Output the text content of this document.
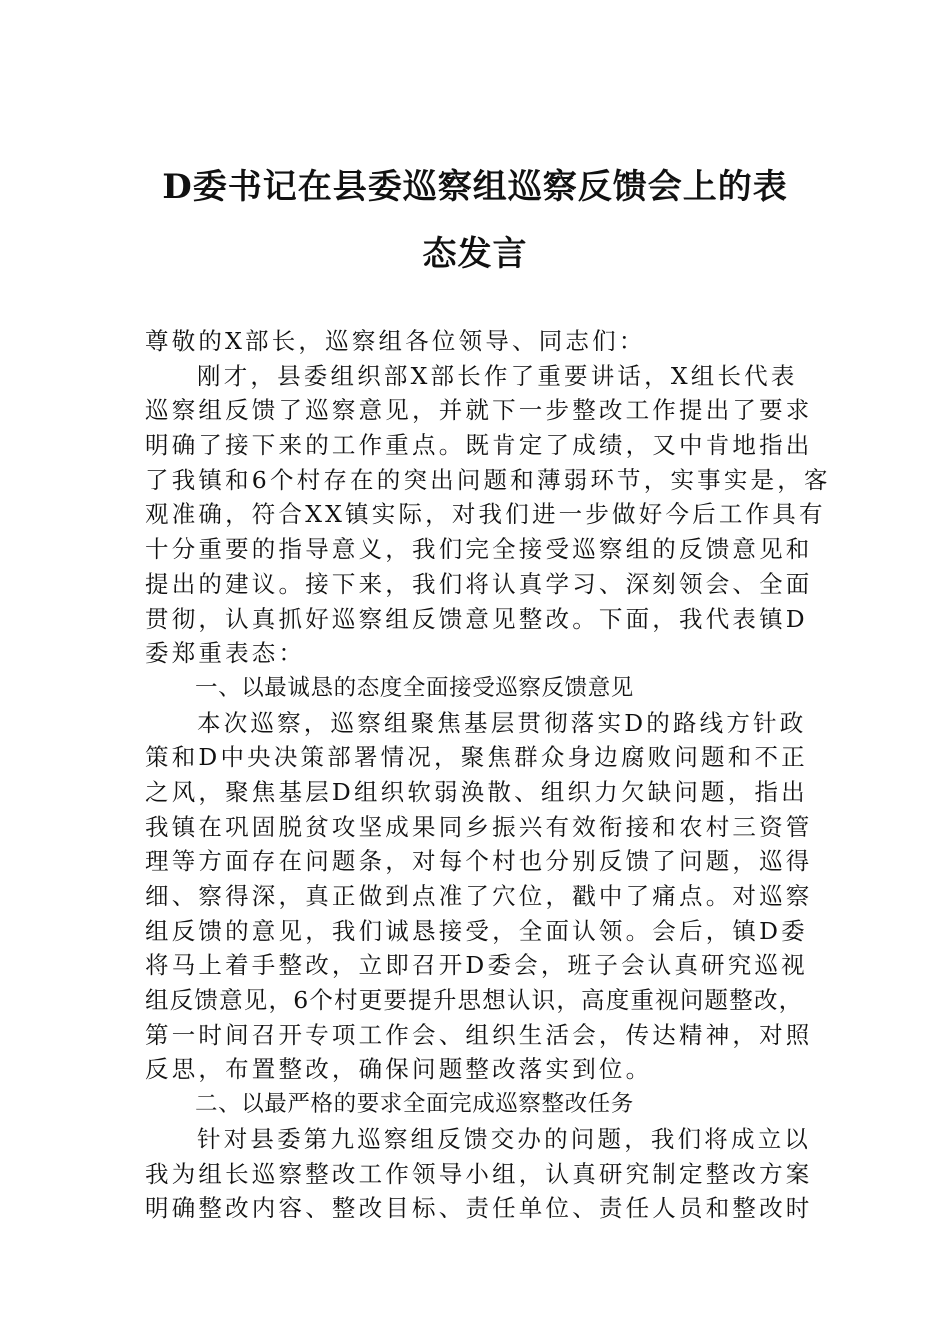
D委书记在县委巡察组巡察反馈会上的表
态发言
尊敬的X部长，巡察组各位领导、同志们：
刚才，县委组织部X部长作了重要讲话，X组长代表
巡察组反馈了巡察意见，并就下一步整改工作提出了要求
明确了接下来的工作重点。既肯定了成绩，又中肯地指出
了我镇和6个村存在的突出问题和薄弱环节，实事实是，客
观准确，符合XX镇实际，对我们进一步做好今后工作具有
十分重要的指导意义，我们完全接受巡察组的反馈意见和
提出的建议。接下来，我们将认真学习、深刻领会、全面
贯彻，认真抓好巡察组反馈意见整改。下面，我代表镇D
委郑重表态：
一、以最诚恳的态度全面接受巡察反馈意见
本次巡察，巡察组聚焦基层贯彻落实D的路线方针政
策和D中央决策部署情况，聚焦群众身边腐败问题和不正
之风，聚焦基层D组织软弱涣散、组织力欠缺问题，指出
我镇在巩固脱贫攻坚成果同乡振兴有效衔接和农村三资管
理等方面存在问题条，对每个村也分别反馈了问题，巡得
细、察得深，真正做到点准了穴位，戳中了痛点。对巡察
组反馈的意见，我们诚恳接受，全面认领。会后，镇D委
将马上着手整改，立即召开D委会，班子会认真研究巡视
组反馈意见，6个村更要提升思想认识，高度重视问题整改，
第一时间召开专项工作会、组织生活会，传达精神，对照
反思，布置整改，确保问题整改落实到位。
二、以最严格的要求全面完成巡察整改任务
针对县委第九巡察组反馈交办的问题，我们将成立以
我为组长巡察整改工作领导小组，认真研究制定整改方案
明确整改内容、整改目标、责任单位、责任人员和整改时
